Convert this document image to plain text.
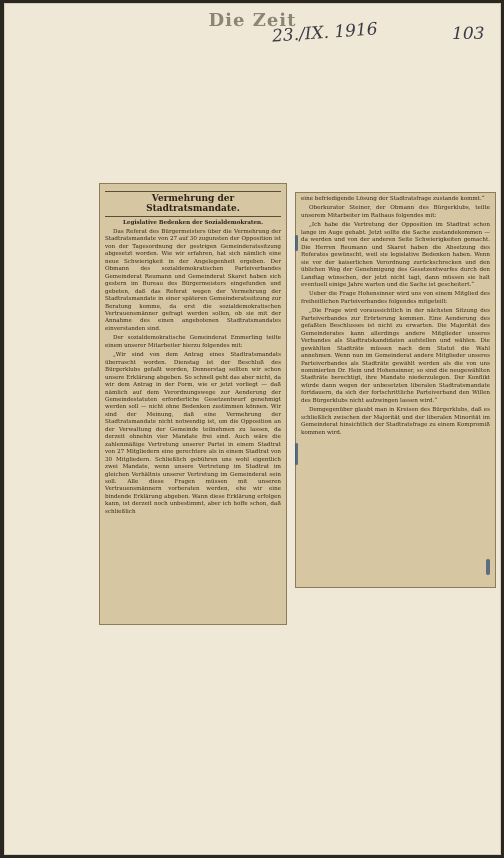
Die Zeit
23./IX. 1916	103
Vermehrung der Stadtratsmandate.
Legislative Bedenken der Sozialdemokraten.

Das Referat des Bürgermeisters über die Vermehrung der Stadtratsmandate von 27 auf 30 zugunsten der Opposition ist von der Tagesordnung der gestrigen Gemeinderatssitzung abgesetzt worden. Wie wir erfahren, hat sich nämlich eine neue Schwierigkeit in der Angelegenheit ergeben. Der Obmann des sozialdemokratischen Parteiverbandes Gemeinderat Reumann und Gemeinderat Skaret haben sich gestern im Bureau des Bürgermeisters eingefunden und gebeten, daß das Referat wegen der Vermehrung der Stadtratsmandate in einer späteren Gemeinderatssitzung zur Beratung komme, da erst die sozialdemokratischen Vertrauensmänner gefragt werden sollen, ob sie mit der Annahme des einen angebotenen Stadtratsmandates einverstanden sind.

Der sozialdemokratische Gemeinderat Emmerling teilte einem unserer Mitarbeiter hierzu folgendes mit:

„Wir sind von dem Antrag eines Stadtratsmandats überrascht worden. Dienstag ist der Beschluß des Bürgerklubs gefaßt worden, Donnerstag sollten wir schon unsere Erklärung abgeben. So schnell geht das aber nicht, da wir dem Antrag in der Form, wie er jetzt vorliegt — daß nämlich auf dem Verordnungswege zur Aenderung der Gemeindestatuten erforderliche Gesetzentwurf genehmigt werden soll — nicht ohne Bedenken zustimmen können. Wir sind der Meinung, daß eine Vermehrung der Stadtratsmandate nicht notwendig ist, um die Opposition an der Verwaltung der Gemeinde teilnehmen zu lassen, da derzeit ohnehin vier Mandate frei sind. Auch wäre die zahlenmäßige Vertretung unserer Partei in einem Stadtrat von 27 Mitgliedern eine gerechtere als in einem Stadtrat von 30 Mitgliedern. Schließlich gebühren uns wohl eigentlich zwei Mandate, wenn unsere Vertretung im Stadtrat im gleichen Verhältnis unserer Vertretung im Gemeinderat sein soll. Alle diese Fragen müssen mit unseren Vertrauensmännern vorberaten werden, ehe wir eine bindende Erklärung abgeben. Wann diese Erklärung erfolgen kann, ist derzeit noch unbestimmt, aber ich hoffe schon, daß schließlich

eine befriedigende Lösung der Stadtratsfrage zustande kommt.“

Oberkurator Steiner, der Obmann des Bürgerklubs, teilte unserem Mitarbeiter im Rathaus folgendes mit:

„Ich habe die Vertretung der Opposition im Stadtrat schon lange im Auge gehabt. Jetzt sollte die Sache zustandekommen — da werden und von der anderen Seite Schwierigkeiten gemacht. Die Herren Reumann und Skaret haben die Absetzung des Referates gewünscht, weil sie legislative Bedenken haben. Wenn sie vor der kaiserlichen Verordnung zurückschrecken und den üblichen Weg der Genehmigung des Gesetzentwurfes durch den Landtag wünschen, der jetzt nicht tagt, dann müssen sie halt eventuell einige Jahre warten und die Sache ist gescheitert.“

Ueber die Frage Hohensinner wird uns von einem Mitglied des freiheitlichen Parteiverbandes folgendes mitgeteilt:

„Die Frage wird voraussichtlich in der nächsten Sitzung des Parteiverbandes zur Erörterung kommen. Eine Aenderung des gefaßten Beschlusses ist nicht zu erwarten. Die Majorität des Gemeinderates kann allerdings andere Mitglieder unseres Verbandes als Stadtratskandidaten aufstellen und wählen. Die gewählten Stadträte müssen nach dem Statut die Wahl annehmen. Wenn nun im Gemeinderat andere Mitglieder unseres Parteiverbandes als Stadträte gewählt werden als die von uns nominierten Dr. Hein und Hohensinner, so sind die neugewählten Stadträte berechtigt, ihre Mandate niederzulegen. Der Konflikt würde dann wegen der unbesetzten liberalen Stadtratsmandate fortdauern, da sich der fortschrittliche Parteiverband den Willen des Bürgerklubs nicht aufzwingen lassen wird.“

Demgegenüber glaubt man in Kreisen des Bürgerklubs, daß es schließlich zwischen der Majorität und der liberalen Minorität im Gemeinderat hinsichtlich der Stadtratsfrage zu einem Kompromiß kommen wird.
